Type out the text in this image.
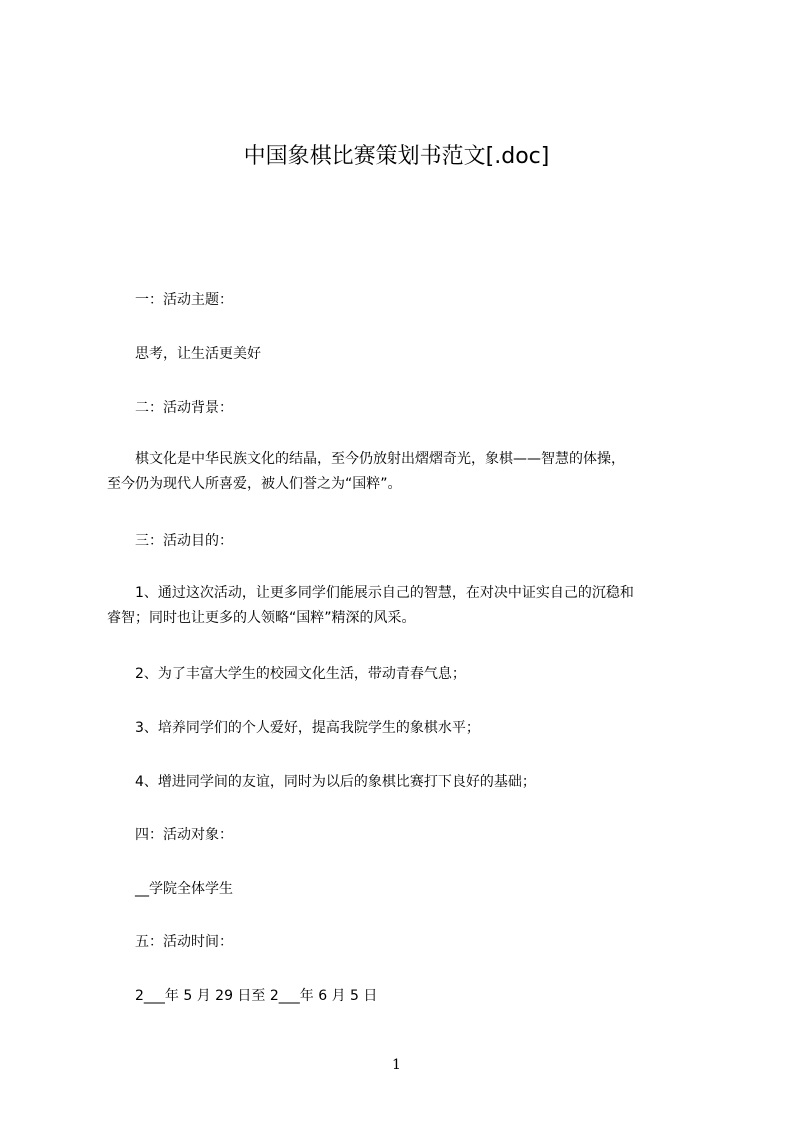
中国象棋比赛策划书范文[.doc]
一：活动主题：
思考，让生活更美好
二：活动背景：
棋文化是中华民族文化的结晶，至今仍放射出熠熠奇光，象棋——智慧的体操，
至今仍为现代人所喜爱，被人们誉之为“国粹”。
三：活动目的：
1、通过这次活动，让更多同学们能展示自己的智慧，在对决中证实自己的沉稳和
睿智；同时也让更多的人领略“国粹”精深的风采。
2、为了丰富大学生的校园文化生活，带动青春气息；
3、培养同学们的个人爱好，提高我院学生的象棋水平；
4、增进同学间的友谊，同时为以后的象棋比赛打下良好的基础；
四：活动对象：
__学院全体学生
五：活动时间：
2___年 5 月 29 日至 2___年 6 月 5 日
1
